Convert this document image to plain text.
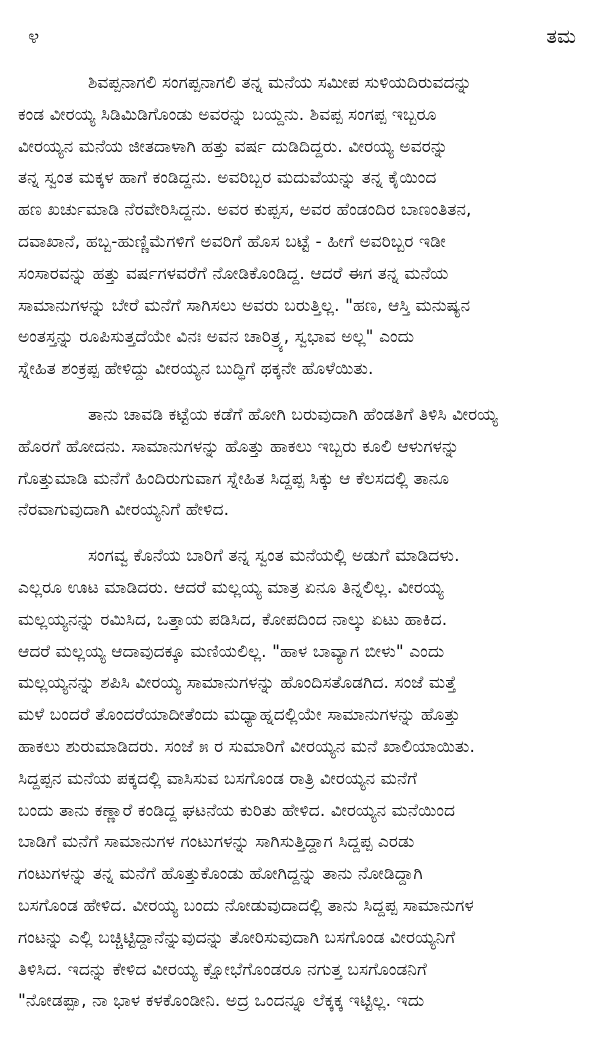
೪	ತಮ
ಶಿವಪ್ಪನಾಗಲಿ ಸಂಗಪ್ಪನಾಗಲಿ ತನ್ನ ಮನೆಯ ಸಮೀಪ ಸುಳಿಯದಿರುವದನ್ನು
ಕಂಡ ವೀರಯ್ಯ ಸಿಡಿಮಿಡಿಗೊಂಡು ಅವರನ್ನು ಬಯ್ದನು. ಶಿವಪ್ಪ ಸಂಗಪ್ಪ ಇಬ್ಬರೂ
ವೀರಯ್ಯನ ಮನೆಯ ಜೀತದಾಳಾಗಿ ಹತ್ತು ವರ್ಷ ದುಡಿದಿದ್ದರು. ವೀರಯ್ಯ ಅವರನ್ನು
ತನ್ನ ಸ್ವಂತ ಮಕ್ಕಳ ಹಾಗೆ ಕಂಡಿದ್ದನು. ಅವರಿಬ್ಬರ ಮದುವೆಯನ್ನು ತನ್ನ ಕೈಯಿಂದ
ಹಣ ಖರ್ಚುಮಾಡಿ ನೆರವೇರಿಸಿದ್ದನು. ಅವರ ಕುಪ್ಪಸ, ಅವರ ಹೆಂಡಂದಿರ ಬಾಣಂತಿತನ,
ದವಾಖಾನೆ, ಹಬ್ಬ-ಹುಣ್ಣಿಮೆಗಳಿಗೆ ಅವರಿಗೆ ಹೊಸ ಬಟ್ಟೆ - ಹೀಗೆ ಅವರಿಬ್ಬರ ಇಡೀ
ಸಂಸಾರವನ್ನು ಹತ್ತು ವರ್ಷಗಳವರೆಗೆ ನೋಡಿಕೊಂಡಿದ್ದ. ಆದರೆ ಈಗ ತನ್ನ ಮನೆಯ
ಸಾಮಾನುಗಳನ್ನು ಬೇರೆ ಮನೆಗೆ ಸಾಗಿಸಲು ಅವರು ಬರುತ್ತಿಲ್ಲ. "ಹಣ, ಆಸ್ತಿ ಮನುಷ್ಯನ
ಅಂತಸ್ತನ್ನು ರೂಪಿಸುತ್ತದೆಯೇ ವಿನಃ ಅವನ ಚಾರಿತ್ರ್ಯ, ಸ್ವಭಾವ ಅಲ್ಲ" ಎಂದು
ಸ್ನೇಹಿತ ಶಂಕ್ರಪ್ಪ ಹೇಳಿದ್ದು ವೀರಯ್ಯನ ಬುದ್ಧಿಗೆ ಥಕ್ಕನೇ ಹೊಳೆಯಿತು.
ತಾನು ಚಾವಡಿ ಕಟ್ಟೆಯ ಕಡೆಗೆ ಹೋಗಿ ಬರುವುದಾಗಿ ಹೆಂಡತಿಗೆ ತಿಳಿಸಿ ವೀರಯ್ಯ
ಹೊರಗೆ ಹೋದನು. ಸಾಮಾನುಗಳನ್ನು ಹೊತ್ತು ಹಾಕಲು ಇಬ್ಬರು ಕೂಲಿ ಆಳುಗಳನ್ನು
ಗೊತ್ತುಮಾಡಿ ಮನೆಗೆ ಹಿಂದಿರುಗುವಾಗ ಸ್ನೇಹಿತ ಸಿದ್ದಪ್ಪ ಸಿಕ್ಕು ಆ ಕೆಲಸದಲ್ಲಿ ತಾನೂ
ನೆರವಾಗುವುದಾಗಿ ವೀರಯ್ಯನಿಗೆ ಹೇಳಿದ.
ಸಂಗವ್ವ ಕೊನೆಯ ಬಾರಿಗೆ ತನ್ನ ಸ್ವಂತ ಮನೆಯಲ್ಲಿ ಅಡುಗೆ ಮಾಡಿದಳು.
ಎಲ್ಲರೂ ಊಟ ಮಾಡಿದರು. ಆದರೆ ಮಲ್ಲಯ್ಯ ಮಾತ್ರ ಏನೂ ತಿನ್ನಲಿಲ್ಲ. ವೀರಯ್ಯ
ಮಲ್ಲಯ್ಯನನ್ನು ರಮಿಸಿದ, ಒತ್ತಾಯ ಪಡಿಸಿದ, ಕೋಪದಿಂದ ನಾಲ್ಕು ಏಟು ಹಾಕಿದ.
ಆದರೆ ಮಲ್ಲಯ್ಯ ಆದಾವುದಕ್ಕೂ ಮಣಿಯಲಿಲ್ಲ. "ಹಾಳ ಬಾವ್ಯಾಗ ಬೀಳು" ಎಂದು
ಮಲ್ಲಯ್ಯನನ್ನು ಶಪಿಸಿ ವೀರಯ್ಯ ಸಾಮಾನುಗಳನ್ನು ಹೊಂದಿಸತೊಡಗಿದ. ಸಂಜೆ ಮತ್ತೆ
ಮಳೆ ಬಂದರೆ ತೊಂದರೆಯಾದೀತೆಂದು ಮಧ್ಯಾಹ್ನದಲ್ಲಿಯೇ ಸಾಮಾನುಗಳನ್ನು ಹೊತ್ತು
ಹಾಕಲು ಶುರುಮಾಡಿದರು. ಸಂಜೆ ೫ ರ ಸುಮಾರಿಗೆ ವೀರಯ್ಯನ ಮನೆ ಖಾಲಿಯಾಯಿತು.
ಸಿದ್ದಪ್ಪನ ಮನೆಯ ಪಕ್ಕದಲ್ಲಿ ವಾಸಿಸುವ ಬಸಗೊಂಡ ರಾತ್ರಿ ವೀರಯ್ಯನ ಮನೆಗೆ
ಬಂದು ತಾನು ಕಣ್ಣಾರೆ ಕಂಡಿದ್ದ ಘಟನೆಯ ಕುರಿತು ಹೇಳಿದ. ವೀರಯ್ಯನ ಮನೆಯಿಂದ
ಬಾಡಿಗೆ ಮನೆಗೆ ಸಾಮಾನುಗಳ ಗಂಟುಗಳನ್ನು ಸಾಗಿಸುತ್ತಿದ್ದಾಗ ಸಿದ್ದಪ್ಪ ಎರಡು
ಗಂಟುಗಳನ್ನು ತನ್ನ ಮನೆಗೆ ಹೊತ್ತುಕೊಂಡು ಹೋಗಿದ್ದನ್ನು ತಾನು ನೋಡಿದ್ದಾಗಿ
ಬಸಗೊಂಡ ಹೇಳಿದ. ವೀರಯ್ಯ ಬಂದು ನೋಡುವುದಾದಲ್ಲಿ ತಾನು ಸಿದ್ದಪ್ಪ ಸಾಮಾನುಗಳ
ಗಂಟನ್ನು ಎಲ್ಲಿ ಬಚ್ಚಿಟ್ಟಿದ್ದಾನೆನ್ನುವುದನ್ನು ತೋರಿಸುವುದಾಗಿ ಬಸಗೊಂಡ ವೀರಯ್ಯನಿಗೆ
ತಿಳಿಸಿದ. ಇದನ್ನು ಕೇಳಿದ ವೀರಯ್ಯ ಕ್ಷೋಭೆಗೊಂಡರೂ ನಗುತ್ತ ಬಸಗೊಂಡನಿಗೆ
"ನೋಡಪ್ಪಾ, ನಾ ಭಾಳ ಕಳಕೊಂಡೀನಿ. ಅದ್ರ ಒಂದನ್ನೂ ಲೆಕ್ಕಕ್ಕ ಇಟ್ಟಿಲ್ಲ. ಇದು
